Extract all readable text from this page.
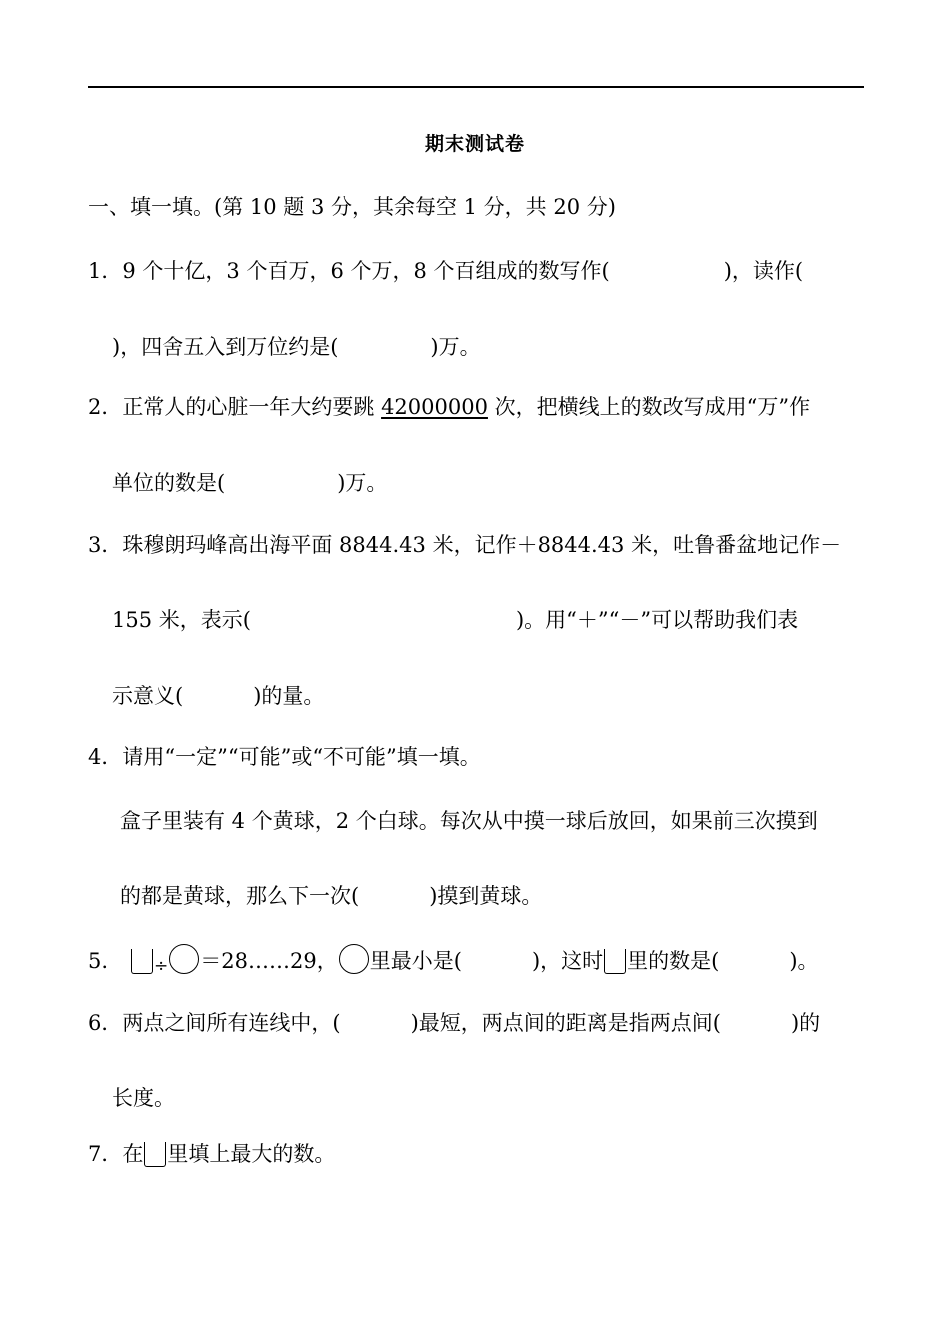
期末测试卷
一、填一填。(第 10 题 3 分，其余每空 1 分，共 20 分)
1．9 个十亿，3 个百万，6 个万，8 个百组成的数写作(	)，读作(
)，四舍五入到万位约是(	)万。
2．正常人的心脏一年大约要跳 42000000 次，把横线上的数改写成用“万”作
单位的数是(	)万。
3．珠穆朗玛峰高出海平面 8844.43 米，记作＋8844.43 米，吐鲁番盆地记作－
155 米，表示(	)。用“＋”“－”可以帮助我们表
示意义(	)的量。
4．请用“一定”“可能”或“不可能”填一填。
盒子里装有 4 个黄球，2 个白球。每次从中摸一球后放回，如果前三次摸到
的都是黄球，那么下一次(	)摸到黄球。
5.	÷ ＝28……29， 里最小是(	)，这时 里的数是(	)。
6．两点之间所有连线中，(	)最短，两点间的距离是指两点间(	)的
长度。
7．在 里填上最大的数。
